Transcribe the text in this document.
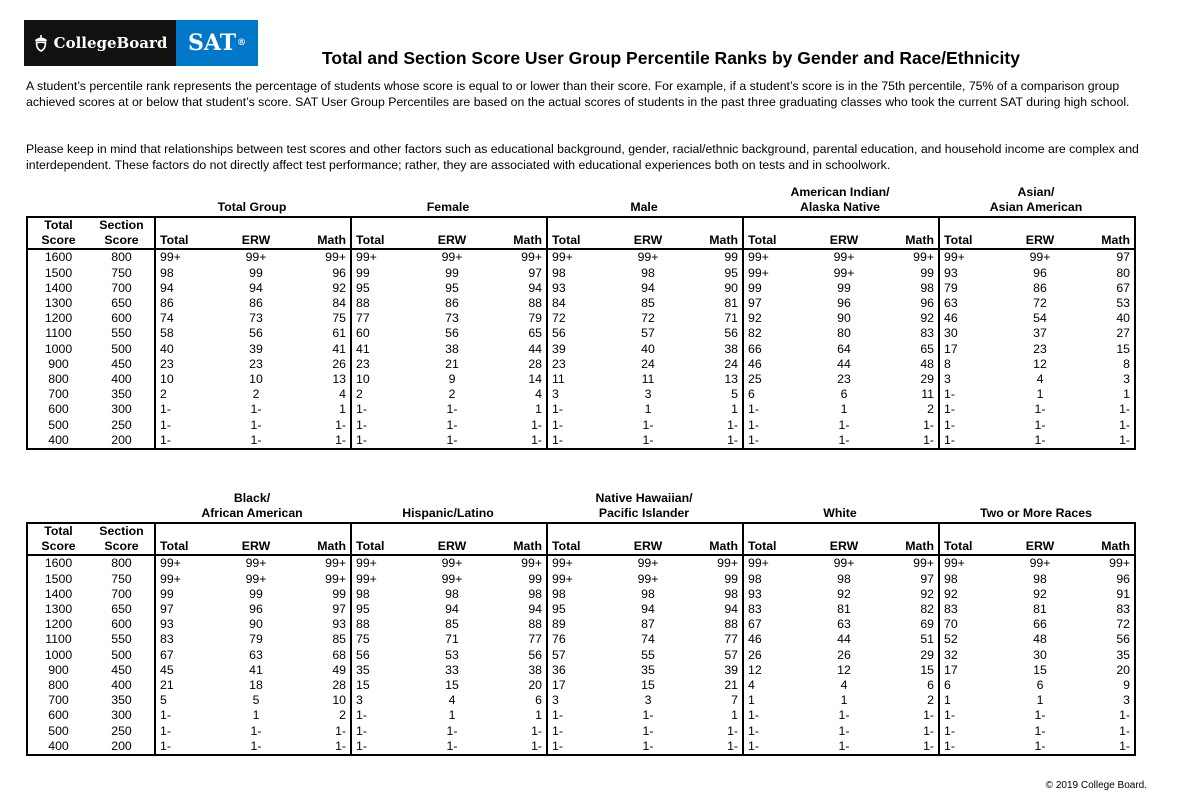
CollegeBoard SAT ®
Total and Section Score User Group Percentile Ranks by Gender and Race/Ethnicity

A student’s percentile rank represents the percentage of students whose score is equal to or lower than their score. For example, if a student’s score is in the 75th percentile, 75% of a comparison group achieved scores at or below that student’s score. SAT User Group Percentiles are based on the actual scores of students in the past three graduating classes who took the current SAT during high school.

Please keep in mind that relationships between test scores and other factors such as educational background, gender, racial/ethnic background, parental education, and household income are complex and interdependent. These factors do not directly affect test performance; rather, they are associated with educational experiences both on tests and in schoolwork.

Total Group
	Female
	Male
American Indian/
Alaska Native
Asian/
Asian American
Total	Section															
Score	Score	Total	ERW	Math	Total	ERW	Math	Total	ERW	Math	Total	ERW	Math	Total	ERW	Math
1600	800	99+	99+	99+	99+	99+	99+	99+	99+	99	99+	99+	99+	99+	99+	97
1500	750	98	99	96	99	99	97	98	98	95	99+	99+	99	93	96	80
1400	700	94	94	92	95	95	94	93	94	90	99	99	98	79	86	67
1300	650	86	86	84	88	86	88	84	85	81	97	96	96	63	72	53
1200	600	74	73	75	77	73	79	72	72	71	92	90	92	46	54	40
1100	550	58	56	61	60	56	65	56	57	56	82	80	83	30	37	27
1000	500	40	39	41	41	38	44	39	40	38	66	64	65	17	23	15
900	450	23	23	26	23	21	28	23	24	24	46	44	48	8	12	8
800	400	10	10	13	10	9	14	11	11	13	25	23	29	3	4	3
700	350	2	2	4	2	2	4	3	3	5	6	6	11	1-	1	1
600	300	1-	1-	1	1-	1-	1	1-	1	1	1-	1	2	1-	1-	1-
500	250	1-	1-	1-	1-	1-	1-	1-	1-	1-	1-	1-	1-	1-	1-	1-
400	200	1-	1-	1-	1-	1-	1-	1-	1-	1-	1-	1-	1-	1-	1-	1-
Black/
African American
	Hispanic/Latino
Native Hawaiian/
Pacific Islander
	White
	Two or More Races
Total	Section															
Score	Score	Total	ERW	Math	Total	ERW	Math	Total	ERW	Math	Total	ERW	Math	Total	ERW	Math
1600	800	99+	99+	99+	99+	99+	99+	99+	99+	99+	99+	99+	99+	99+	99+	99+
1500	750	99+	99+	99+	99+	99+	99	99+	99+	99	98	98	97	98	98	96
1400	700	99	99	99	98	98	98	98	98	98	93	92	92	92	92	91
1300	650	97	96	97	95	94	94	95	94	94	83	81	82	83	81	83
1200	600	93	90	93	88	85	88	89	87	88	67	63	69	70	66	72
1100	550	83	79	85	75	71	77	76	74	77	46	44	51	52	48	56
1000	500	67	63	68	56	53	56	57	55	57	26	26	29	32	30	35
900	450	45	41	49	35	33	38	36	35	39	12	12	15	17	15	20
800	400	21	18	28	15	15	20	17	15	21	4	4	6	6	6	9
700	350	5	5	10	3	4	6	3	3	7	1	1	2	1	1	3
600	300	1-	1	2	1-	1	1	1-	1-	1	1-	1-	1-	1-	1-	1-
500	250	1-	1-	1-	1-	1-	1-	1-	1-	1-	1-	1-	1-	1-	1-	1-
400	200	1-	1-	1-	1-	1-	1-	1-	1-	1-	1-	1-	1-	1-	1-	1-
© 2019 College Board.
